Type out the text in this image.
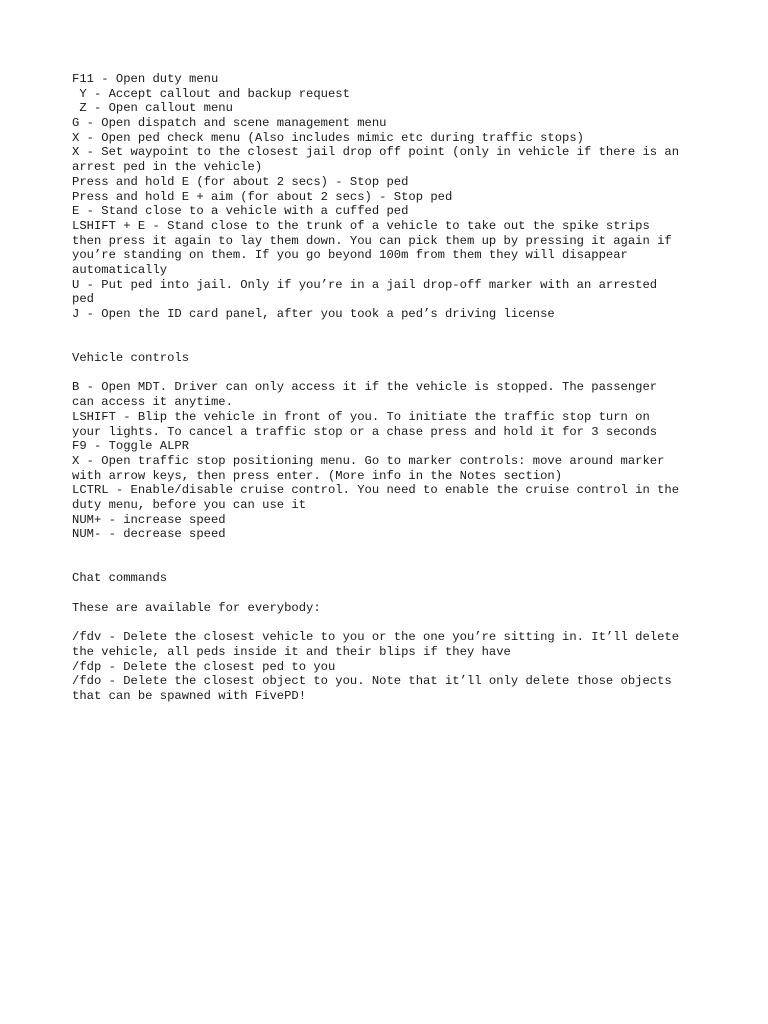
F11 - Open duty menu
Y - Accept callout and backup request
Z - Open callout menu
G - Open dispatch and scene management menu
X - Open ped check menu (Also includes mimic etc during traffic stops)
X - Set waypoint to the closest jail drop off point (only in vehicle if there is an
arrest ped in the vehicle)
Press and hold E (for about 2 secs) - Stop ped
Press and hold E + aim (for about 2 secs) - Stop ped
E - Stand close to a vehicle with a cuffed ped
LSHIFT + E - Stand close to the trunk of a vehicle to take out the spike strips
then press it again to lay them down. You can pick them up by pressing it again if
you’re standing on them. If you go beyond 100m from them they will disappear
automatically
U - Put ped into jail. Only if you’re in a jail drop-off marker with an arrested
ped
J - Open the ID card panel, after you took a ped’s driving license
Vehicle controls
B - Open MDT. Driver can only access it if the vehicle is stopped. The passenger
can access it anytime.
LSHIFT - Blip the vehicle in front of you. To initiate the traffic stop turn on
your lights. To cancel a traffic stop or a chase press and hold it for 3 seconds
F9 - Toggle ALPR
X - Open traffic stop positioning menu. Go to marker controls: move around marker
with arrow keys, then press enter. (More info in the Notes section)
LCTRL - Enable/disable cruise control. You need to enable the cruise control in the
duty menu, before you can use it
NUM+ - increase speed
NUM- - decrease speed
Chat commands
These are available for everybody:
/fdv - Delete the closest vehicle to you or the one you’re sitting in. It’ll delete
the vehicle, all peds inside it and their blips if they have
/fdp - Delete the closest ped to you
/fdo - Delete the closest object to you. Note that it’ll only delete those objects
that can be spawned with FivePD!
